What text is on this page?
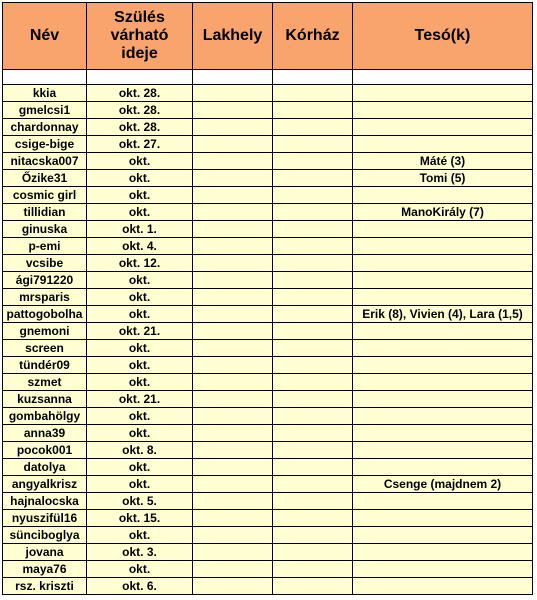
Név	Szülés
várható
ideje	Lakhely	Kórház	Tesó(k)

kkia	okt. 28.			
gmelcsi1	okt. 28.			
chardonnay	okt. 28.			
csige-bige	okt. 27.			
nitacska007	okt.			Máté (3)
Őzike31	okt.			Tomi (5)
cosmic girl	okt.			
tillidian	okt.			ManoKirály (7)
ginuska	okt. 1.			
p-emi	okt. 4.			
vcsibe	okt. 12.			
ági791220	okt.			
mrsparis	okt.			
pattogobolha	okt.			Erik (8), Vivien (4), Lara (1,5)
gnemoni	okt. 21.			
screen	okt.			
tündér09	okt.			
szmet	okt.			
kuzsanna	okt. 21.			
gombahölgy	okt.			
anna39	okt.			
pocok001	okt. 8.			
datolya	okt.			
angyalkrisz	okt.			Csenge (majdnem 2)
hajnalocska	okt. 5.			
nyuszifül16	okt. 15.			
sünciboglya	okt.			
jovana	okt. 3.			
maya76	okt.			
rsz. kriszti	okt. 6.			
